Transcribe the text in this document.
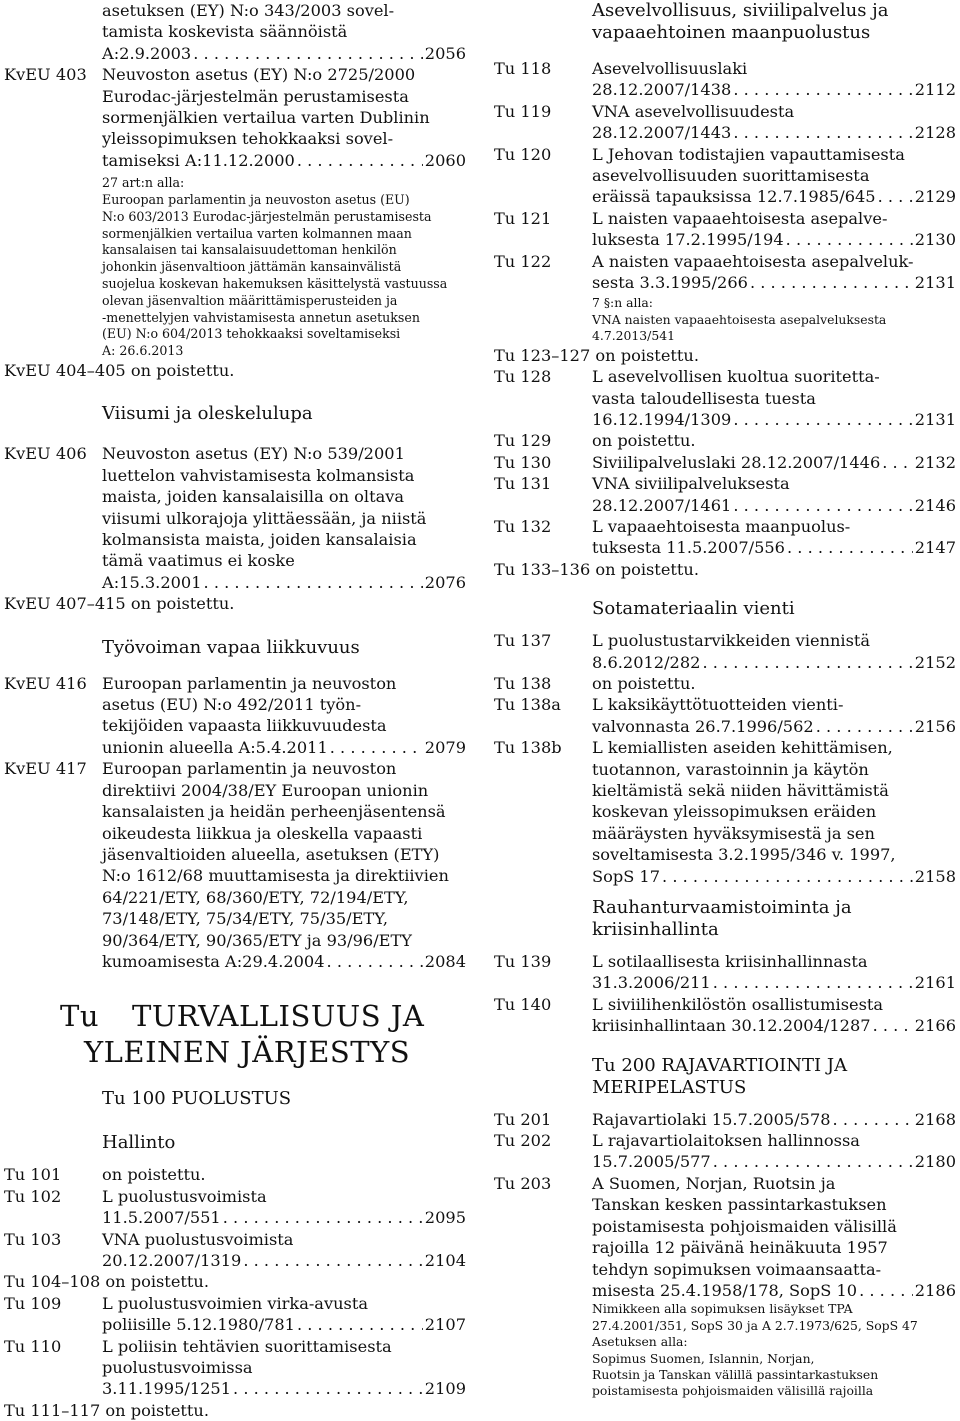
asetuksen (EY) N:o 343/2003 sovel-
tamista koskevista säännöistä
A:2.9.2003 . . .	2056
KvEU 403 Neuvoston asetus (EY) N:o 2725/2000
Eurodac-järjestelmän perustamisesta
sormenjälkien vertailua varten Dublinin
yleissopimuksen tehokkaaksi sovel-
tamiseksi A:11.12.2000 . . .	2060
27 art:n alla:
Euroopan parlamentin ja neuvoston asetus (EU)
N:o 603/2013 Eurodac-järjestelmän perustamisesta
sormenjälkien vertailua varten kolmannen maan
kansalaisen tai kansalaisuudettoman henkilön
johonkin jäsenvaltioon jättämän kansainvälistä
suojelua koskevan hakemuksen käsittelystä vastuussa
olevan jäsenvaltion määrittämisperusteiden ja
-menettelyjen vahvistamisesta annetun asetuksen
(EU) N:o 604/2013 tehokkaaksi soveltamiseksi
A: 26.6.2013
KvEU 404–405 on poistettu.
Viisumi ja oleskelulupa
KvEU 406 Neuvoston asetus (EY) N:o 539/2001
luettelon vahvistamisesta kolmansista
maista, joiden kansalaisilla on oltava
viisumi ulkorajoja ylittäessään, ja niistä
kolmansista maista, joiden kansalaisia
tämä vaatimus ei koske
A:15.3.2001 . . .	2076
KvEU 407–415 on poistettu.
Työvoiman vapaa liikkuvuus
KvEU 416 Euroopan parlamentin ja neuvoston
asetus (EU) N:o 492/2011 työn-
tekijöiden vapaasta liikkuvuudesta
unionin alueella A:5.4.2011 . . .	2079
KvEU 417 Euroopan parlamentin ja neuvoston
direktiivi 2004/38/EY Euroopan unionin
kansalaisten ja heidän perheenjäsentensä
oikeudesta liikkua ja oleskella vapaasti
jäsenvaltioiden alueella, asetuksen (ETY)
N:o 1612/68 muuttamisesta ja direktiivien
64/221/ETY, 68/360/ETY, 72/194/ETY,
73/148/ETY, 75/34/ETY, 75/35/ETY,
90/364/ETY, 90/365/ETY ja 93/96/ETY
kumoamisesta A:29.4.2004 . . .	2084
Tu TURVALLISUUS JA
YLEINEN JÄRJESTYS
Tu 100 PUOLUSTUS
Hallinto
Tu 101	on poistettu.
Tu 102	L puolustusvoimista
11.5.2007/551 . . .	2095
Tu 103	VNA puolustusvoimista
20.12.2007/1319 . . .	2104
Tu 104–108 on poistettu.
Tu 109	L puolustusvoimien virka-avusta
poliisille 5.12.1980/781 . . .	2107
Tu 110	L poliisin tehtävien suorittamisesta
puolustusvoimissa
3.11.1995/1251 . . .	2109
Tu 111–117 on poistettu.
Asevelvollisuus, siviilipalvelus ja
vapaaehtoinen maanpuolustus
Tu 118	Asevelvollisuuslaki
28.12.2007/1438 . . .	2112
Tu 119	VNA asevelvollisuudesta
28.12.2007/1443 . . .	2128
Tu 120	L Jehovan todistajien vapauttamisesta
asevelvollisuuden suorittamisesta
eräissä tapauksissa 12.7.1985/645 . . . 2129
Tu 121	L naisten vapaaehtoisesta asepalve-
luksesta 17.2.1995/194 . . .	2130
Tu 122	A naisten vapaaehtoisesta asepalveluk-
sesta 3.3.1995/266 . . .	2131
7 §:n alla:
VNA naisten vapaaehtoisesta asepalveluksesta
4.7.2013/541
Tu 123–127 on poistettu.
Tu 128	L asevelvollisen kuoltua suoritetta-
vasta taloudellisesta tuesta
16.12.1994/1309 . . .	2131
Tu 129	on poistettu.
Tu 130	Siviilipalveluslaki 28.12.2007/1446 . . . 2132
Tu 131	VNA siviilipalveluksesta
28.12.2007/1461 . . .	2146
Tu 132	L vapaaehtoisesta maanpuolus-
tuksesta 11.5.2007/556 . . .	2147
Tu 133–136 on poistettu.
Sotamateriaalin vienti
Tu 137	L puolustustarvikkeiden viennistä
8.6.2012/282 . . .	2152
Tu 138	on poistettu.
Tu 138a	L kaksikäyttötuotteiden vienti-
valvonnasta 26.7.1996/562 . . .	2156
Tu 138b	L kemiallisten aseiden kehittämisen,
tuotannon, varastoinnin ja käytön
kieltämistä sekä niiden hävittämistä
koskevan yleissopimuksen eräiden
määräysten hyväksymisestä ja sen
soveltamisesta 3.2.1995/346 v. 1997,
SopS 17 . . .	2158
Rauhanturvaamistoiminta ja
kriisinhallinta
Tu 139	L sotilaallisesta kriisinhallinnasta
31.3.2006/211 . . .	2161
Tu 140	L siviilihenkilöstön osallistumisesta
kriisinhallintaan 30.12.2004/1287 . . .	2166
Tu 200 RAJAVARTIOINTI JA
MERIPELASTUS
Tu 201	Rajavartiolaki 15.7.2005/578 . . .	2168
Tu 202	L rajavartiolaitoksen hallinnossa
15.7.2005/577 . . .	2180
Tu 203	A Suomen, Norjan, Ruotsin ja
Tanskan kesken passintarkastuksen
poistamisesta pohjoismaiden välisillä
rajoilla 12 päivänä heinäkuuta 1957
tehdyn sopimuksen voimaansaatta-
misesta 25.4.1958/178, SopS 10 . . .	2186
Nimikkeen alla sopimuksen lisäykset TPA
27.4.2001/351, SopS 30 ja A 2.7.1973/625, SopS 47
Asetuksen alla:
Sopimus Suomen, Islannin, Norjan,
Ruotsin ja Tanskan välillä passintarkastuksen
poistamisesta pohjoismaiden välisillä rajoilla
